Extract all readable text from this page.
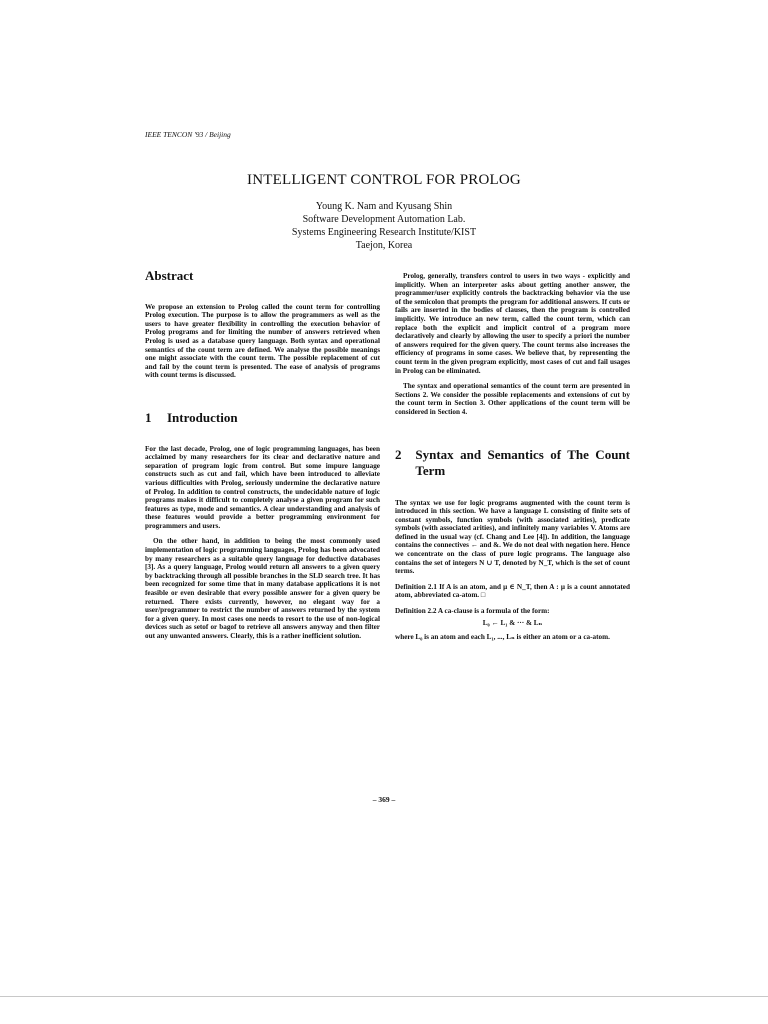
IEEE TENCON '93 / Beijing
INTELLIGENT CONTROL FOR PROLOG
Young K. Nam and Kyusang Shin
Software Development Automation Lab.
Systems Engineering Research Institute/KIST
Taejon, Korea
Abstract

We propose an extension to Prolog called the count term for controlling Prolog execution. The purpose is to allow the programmers as well as the users to have greater flexibility in controlling the execution behavior of Prolog programs and for limiting the number of answers retrieved when Prolog is used as a database query language. Both syntax and operational semantics of the count term are defined. We analyse the possible meanings one might associate with the count term. The possible replacement of cut and fail by the count term is presented. The ease of analysis of programs with count terms is discussed.

1 Introduction

For the last decade, Prolog, one of logic programming languages, has been acclaimed by many researchers for its clear and declarative nature and separation of program logic from control. But some impure language constructs such as cut and fail, which have been introduced to alleviate various difficulties with Prolog, seriously undermine the declarative nature of Prolog. In addition to control constructs, the undecidable nature of logic programs makes it difficult to completely analyse a given program for such features as type, mode and semantics. A clear understanding and analysis of these features would provide a better programming environment for programmers and users.

On the other hand, in addition to being the most commonly used implementation of logic programming languages, Prolog has been advocated by many researchers as a suitable query language for deductive databases [3]. As a query language, Prolog would return all answers to a given query by backtracking through all possible branches in the SLD search tree. It has been recognized for some time that in many database applications it is not feasible or even desirable that every possible answer for a given query be returned. There exists currently, however, no elegant way for a user/programmer to restrict the number of answers returned by the system for a given query. In most cases one needs to resort to the use of non-logical devices such as setof or bagof to retrieve all answers anyway and then filter out any unwanted answers. Clearly, this is a rather inefficient solution.

Prolog, generally, transfers control to users in two ways - explicitly and implicitly. When an interpreter asks about getting another answer, the programmer/user explicitly controls the backtracking behavior via the use of the semicolon that prompts the program for additional answers. If cuts or fails are inserted in the bodies of clauses, then the program is controlled implicitly. We introduce an new term, called the count term, which can replace both the explicit and implicit control of a program more declaratively and clearly by allowing the user to specify a priori the number of answers required for the given query. The count terms also increases the efficiency of programs in some cases. We believe that, by representing the count term in the given program explicitly, most cases of cut and fail usages in Prolog can be eliminated.

The syntax and operational semantics of the count term are presented in Sections 2. We consider the possible replacements and extensions of cut by the count term in Section 3. Other applications of the count term will be considered in Section 4.

2	Syntax and Semantics of The Count Term

The syntax we use for logic programs augmented with the count term is introduced in this section. We have a language L consisting of finite sets of constant symbols, function symbols (with associated arities), predicate symbols (with associated arities), and infinitely many variables V. Atoms are defined in the usual way (cf. Chang and Lee [4]). In addition, the language contains the connectives ← and &. We do not deal with negation here. Hence we concentrate on the class of pure logic programs. The language also contains the set of integers N ∪ T, denoted by N_T, which is the set of count terms.

Definition 2.1 If A is an atom, and μ ∈ N_T, then A : μ is a count annotated atom, abbreviated ca-atom. □

Definition 2.2 A ca-clause is a formula of the form:

L₀ ← L₁ & ··· & Lₙ

where L₀ is an atom and each L₁, ..., Lₙ is either an atom or a ca-atom.

– 369 –
